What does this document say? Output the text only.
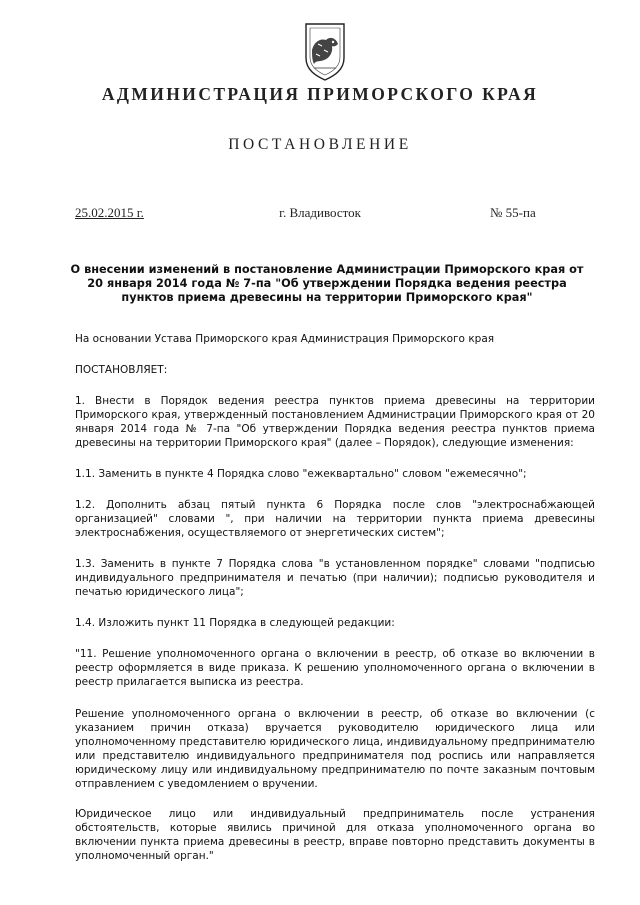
АДМИНИСТРАЦИЯ ПРИМОРСКОГО КРАЯ
ПОСТАНОВЛЕНИЕ
25.02.2015 г.	г. Владивосток	№ 55-па
О внесении изменений в постановление Администрации Приморского края от 20 января 2014 года № 7-па "Об утверждении Порядка ведения реестра пунктов приема древесины на территории Приморского края"

На основании Устава Приморского края Администрация Приморского края

ПОСТАНОВЛЯЕТ:

1. Внести в Порядок ведения реестра пунктов приема древесины на территории Приморского края, утвержденный постановлением Администрации Приморского края от 20 января 2014 года № 7-па "Об утверждении Порядка ведения реестра пунктов приема древесины на территории Приморского края" (далее – Порядок), следующие изменения:

1.1. Заменить в пункте 4 Порядка слово "ежеквартально" словом "ежемесячно";

1.2. Дополнить абзац пятый пункта 6 Порядка после слов "электроснабжающей организацией" словами ", при наличии на территории пункта приема древесины электроснабжения, осуществляемого от энергетических систем";

1.3. Заменить в пункте 7 Порядка слова "в установленном порядке" словами "подписью индивидуального предпринимателя и печатью (при наличии); подписью руководителя и печатью юридического лица";

1.4. Изложить пункт 11 Порядка в следующей редакции:

"11. Решение уполномоченного органа о включении в реестр, об отказе во включении в реестр оформляется в виде приказа. К решению уполномоченного органа о включении в реестр прилагается выписка из реестра.

Решение уполномоченного органа о включении в реестр, об отказе во включении (с указанием причин отказа) вручается руководителю юридического лица или уполномоченному представителю юридического лица, индивидуальному предпринимателю или представителю индивидуального предпринимателя под роспись или направляется юридическому лицу или индивидуальному предпринимателю по почте заказным почтовым отправлением с уведомлением о вручении.

Юридическое лицо или индивидуальный предприниматель после устранения обстоятельств, которые явились причиной для отказа уполномоченного органа во включении пункта приема древесины в реестр, вправе повторно представить документы в уполномоченный орган."
